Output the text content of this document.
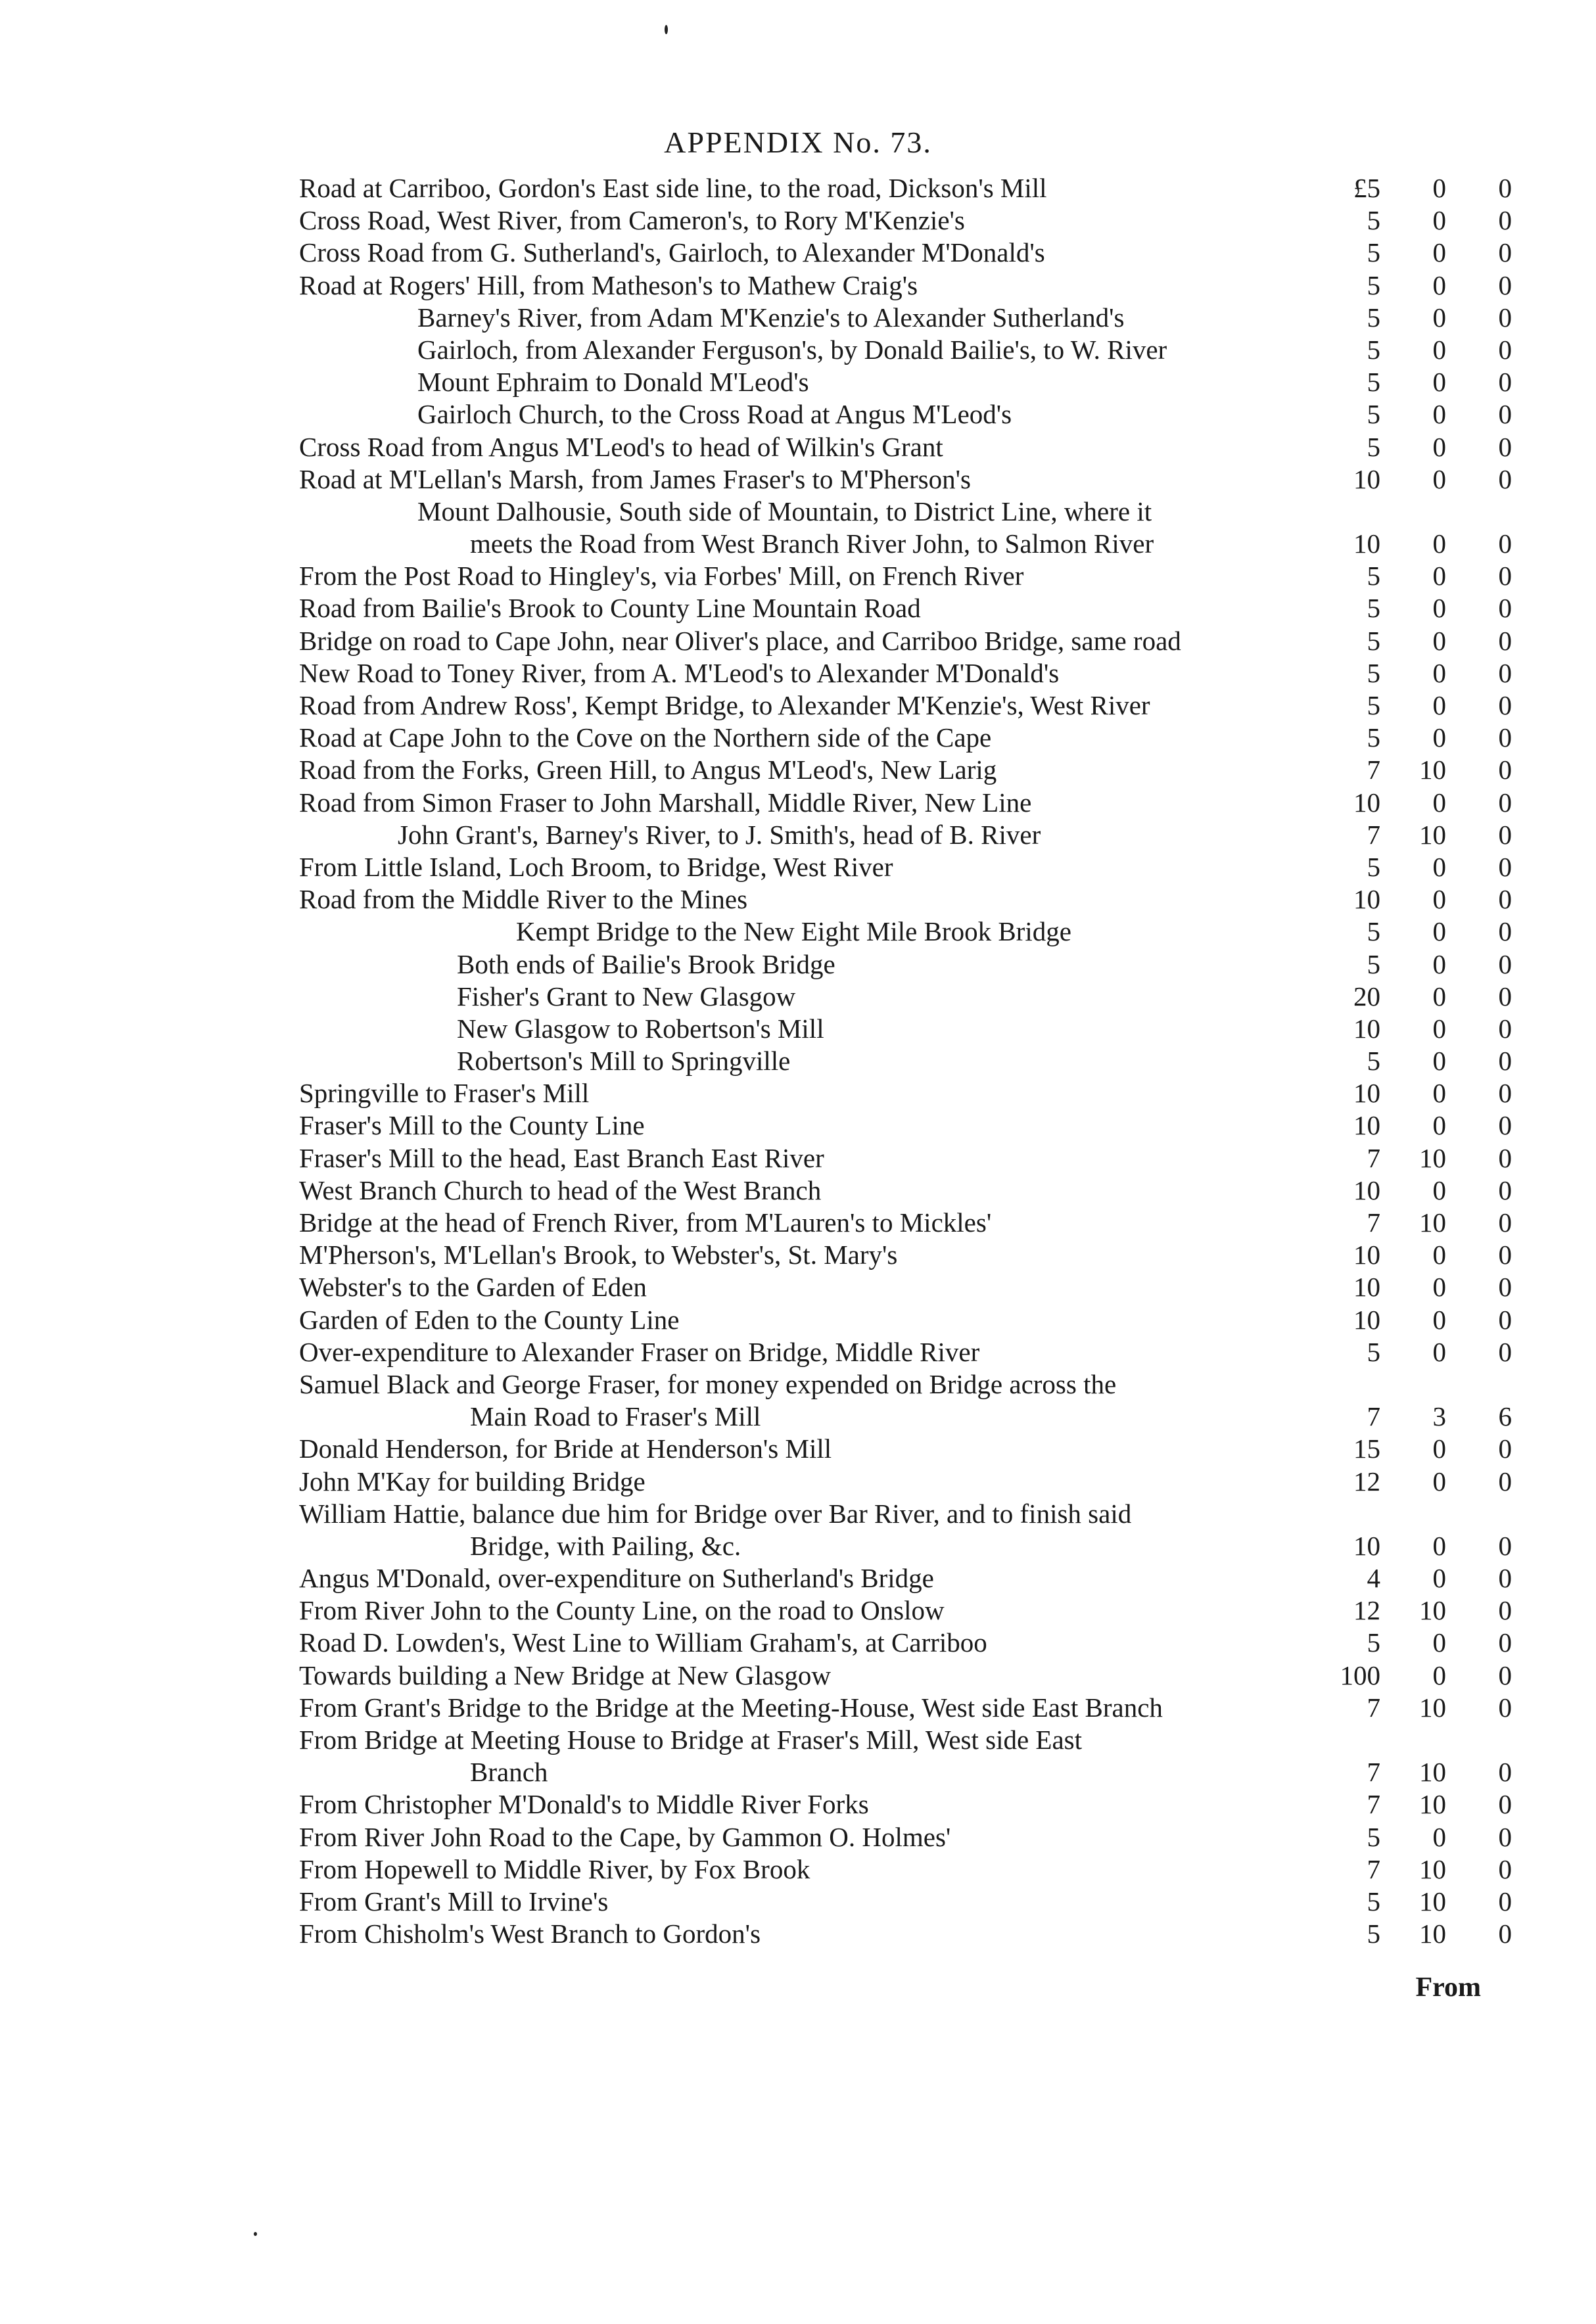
APPENDIX No. 73.
Road at Carriboo, Gordon's East side line, to the road, Dickson's Mill	£5	0	0
Cross Road, West River, from Cameron's, to Rory M'Kenzie's	5	0	0
Cross Road from G. Sutherland's, Gairloch, to Alexander M'Donald's	5	0	0
Road at Rogers' Hill, from Matheson's to Mathew Craig's	5	0	0
Barney's River, from Adam M'Kenzie's to Alexander Sutherland's	5	0	0
Gairloch, from Alexander Ferguson's, by Donald Bailie's, to W. River	5	0	0
Mount Ephraim to Donald M'Leod's	5	0	0
Gairloch Church, to the Cross Road at Angus M'Leod's	5	0	0
Cross Road from Angus M'Leod's to head of Wilkin's Grant	5	0	0
Road at M'Lellan's Marsh, from James Fraser's to M'Pherson's	10	0	0
Mount Dalhousie, South side of Mountain, to District Line, where it
meets the Road from West Branch River John, to Salmon River	10	0	0
From the Post Road to Hingley's, via Forbes' Mill, on French River	5	0	0
Road from Bailie's Brook to County Line Mountain Road	5	0	0
Bridge on road to Cape John, near Oliver's place, and Carriboo Bridge, same road	5	0	0
New Road to Toney River, from A. M'Leod's to Alexander M'Donald's	5	0	0
Road from Andrew Ross', Kempt Bridge, to Alexander M'Kenzie's, West River	5	0	0
Road at Cape John to the Cove on the Northern side of the Cape	5	0	0
Road from the Forks, Green Hill, to Angus M'Leod's, New Larig	7	10	0
Road from Simon Fraser to John Marshall, Middle River, New Line	10	0	0
John Grant's, Barney's River, to J. Smith's, head of B. River	7	10	0
From Little Island, Loch Broom, to Bridge, West River	5	0	0
Road from the Middle River to the Mines	10	0	0
Kempt Bridge to the New Eight Mile Brook Bridge	5	0	0
Both ends of Bailie's Brook Bridge	5	0	0
Fisher's Grant to New Glasgow	20	0	0
New Glasgow to Robertson's Mill	10	0	0
Robertson's Mill to Springville	5	0	0
Springville to Fraser's Mill	10	0	0
Fraser's Mill to the County Line	10	0	0
Fraser's Mill to the head, East Branch East River	7	10	0
West Branch Church to head of the West Branch	10	0	0
Bridge at the head of French River, from M'Lauren's to Mickles'	7	10	0
M'Pherson's, M'Lellan's Brook, to Webster's, St. Mary's	10	0	0
Webster's to the Garden of Eden	10	0	0
Garden of Eden to the County Line	10	0	0
Over-expenditure to Alexander Fraser on Bridge, Middle River	5	0	0
Samuel Black and George Fraser, for money expended on Bridge across the
Main Road to Fraser's Mill	7	3	6
Donald Henderson, for Bride at Henderson's Mill	15	0	0
John M'Kay for building Bridge	12	0	0
William Hattie, balance due him for Bridge over Bar River, and to finish said
Bridge, with Pailing, &c.	10	0	0
Angus M'Donald, over-expenditure on Sutherland's Bridge	4	0	0
From River John to the County Line, on the road to Onslow	12	10	0
Road D. Lowden's, West Line to William Graham's, at Carriboo	5	0	0
Towards building a New Bridge at New Glasgow	100	0	0
From Grant's Bridge to the Bridge at the Meeting-House, West side East Branch	7	10	0
From Bridge at Meeting House to Bridge at Fraser's Mill, West side East
Branch	7	10	0
From Christopher M'Donald's to Middle River Forks	7	10	0
From River John Road to the Cape, by Gammon O. Holmes'	5	0	0
From Hopewell to Middle River, by Fox Brook	7	10	0
From Grant's Mill to Irvine's	5	10	0
From Chisholm's West Branch to Gordon's	5	10	0
From
